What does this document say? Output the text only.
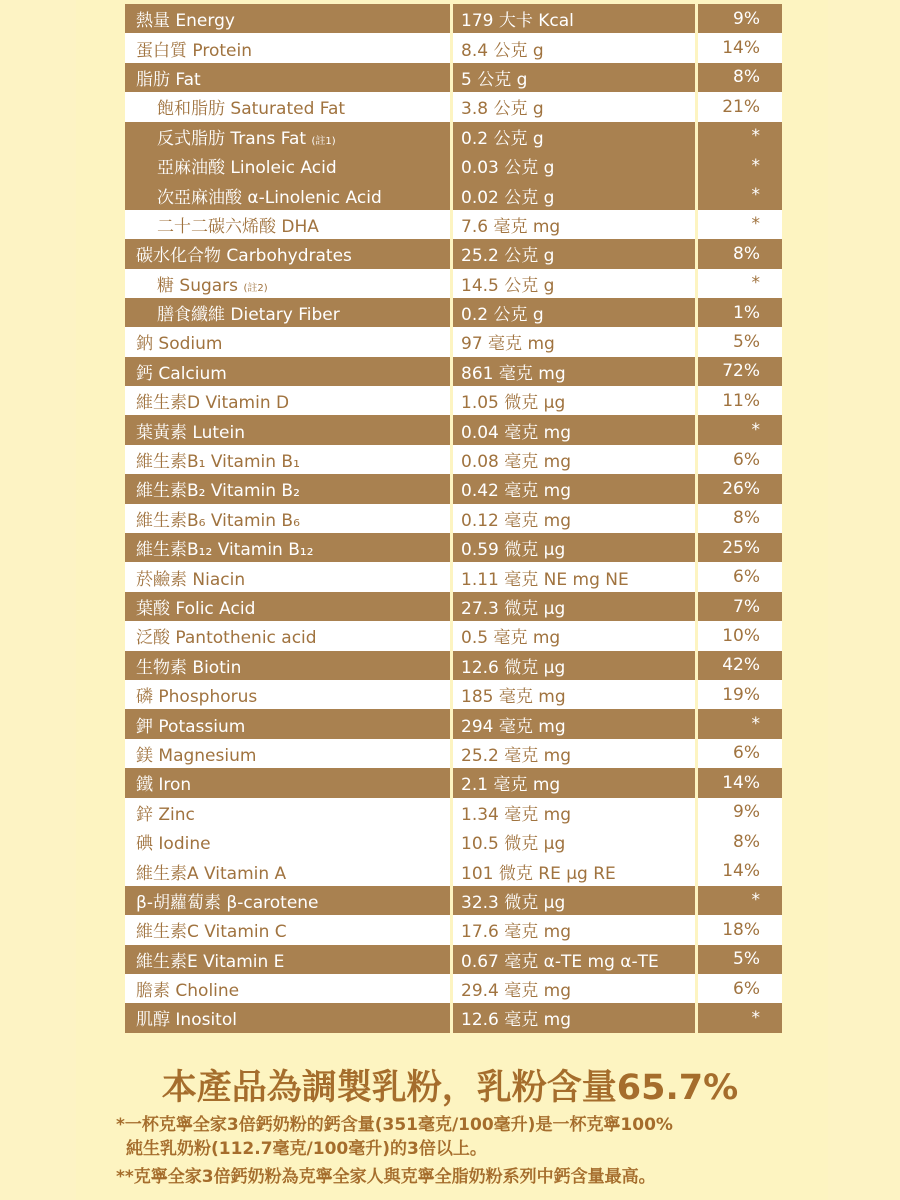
熱量 Energy	179 大卡 Kcal	9%
蛋白質 Protein	8.4 公克 g	14%
脂肪 Fat	5 公克 g	8%
飽和脂肪 Saturated Fat	3.8 公克 g	21%
反式脂肪 Trans Fat (註1)	0.2 公克 g	*
亞麻油酸 Linoleic Acid	0.03 公克 g	*
次亞麻油酸 α-Linolenic Acid	0.02 公克 g	*
二十二碳六烯酸 DHA	7.6 毫克 mg	*
碳水化合物 Carbohydrates	25.2 公克 g	8%
糖 Sugars (註2)	14.5 公克 g	*
膳食纖維 Dietary Fiber	0.2 公克 g	1%
鈉 Sodium	97 毫克 mg	5%
鈣 Calcium	861 毫克 mg	72%
維生素D Vitamin D	1.05 微克 μg	11%
葉黃素 Lutein	0.04 毫克 mg	*
維生素B₁ Vitamin B₁	0.08 毫克 mg	6%
維生素B₂ Vitamin B₂	0.42 毫克 mg	26%
維生素B₆ Vitamin B₆	0.12 毫克 mg	8%
維生素B₁₂ Vitamin B₁₂	0.59 微克 μg	25%
菸鹼素 Niacin	1.11 毫克 NE mg NE	6%
葉酸 Folic Acid	27.3 微克 μg	7%
泛酸 Pantothenic acid	0.5 毫克 mg	10%
生物素 Biotin	12.6 微克 μg	42%
磷 Phosphorus	185 毫克 mg	19%
鉀 Potassium	294 毫克 mg	*
鎂 Magnesium	25.2 毫克 mg	6%
鐵 Iron	2.1 毫克 mg	14%
鋅 Zinc	1.34 毫克 mg	9%
碘 Iodine	10.5 微克 μg	8%
維生素A Vitamin A	101 微克 RE μg RE	14%
β-胡蘿蔔素 β-carotene	32.3 微克 μg	*
維生素C Vitamin C	17.6 毫克 mg	18%
維生素E Vitamin E	0.67 毫克 α-TE mg α-TE	5%
膽素 Choline	29.4 毫克 mg	6%
肌醇 Inositol	12.6 毫克 mg	*
本產品為調製乳粉，乳粉含量65.7%
*一杯克寧全家3倍鈣奶粉的鈣含量(351毫克/100毫升)是一杯克寧100%
純生乳奶粉(112.7毫克/100毫升)的3倍以上。
**克寧全家3倍鈣奶粉為克寧全家人與克寧全脂奶粉系列中鈣含量最高。
